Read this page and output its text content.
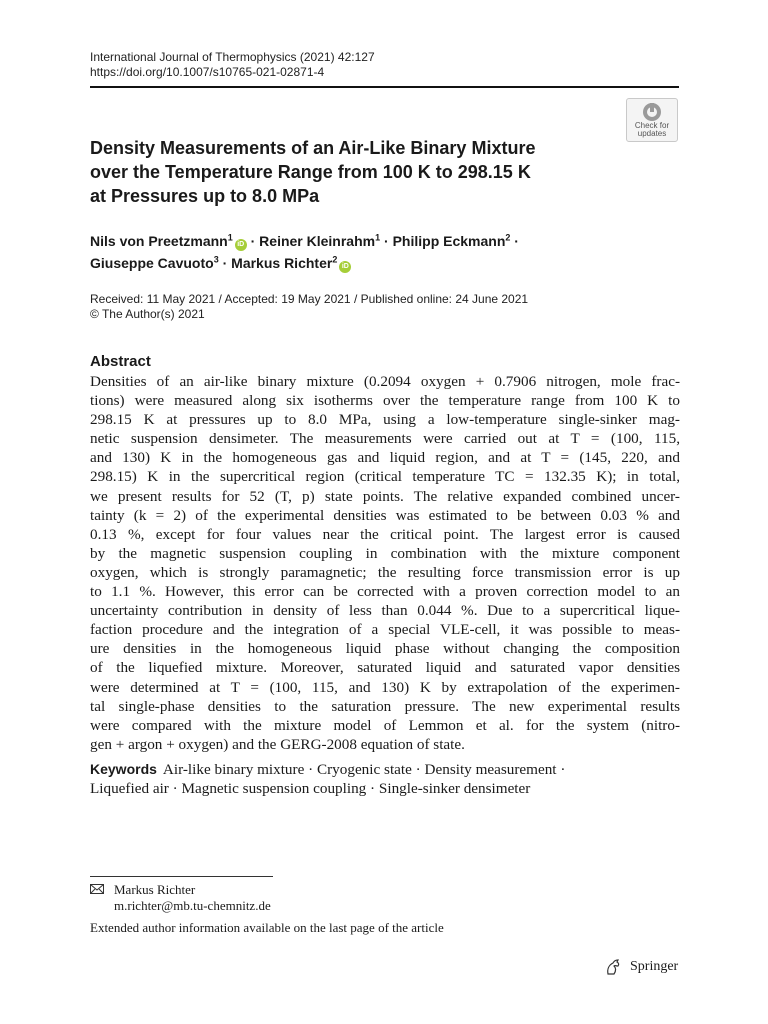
International Journal of Thermophysics (2021) 42:127
https://doi.org/10.1007/s10765-021-02871-4
Check for
updates
Density Measurements of an Air-Like Binary Mixture
over the Temperature Range from 100 K to 298.15 K
at Pressures up to 8.0 MPa
Nils von Preetzmann$^1$iD · Reiner Kleinrahm$^1$ · Philipp Eckmann$^2$ ·
Giuseppe Cavuoto$^3$ · Markus Richter$^2$iD
Received: 11 May 2021 / Accepted: 19 May 2021 / Published online: 24 June 2021
© The Author(s) 2021
Abstract
Densities of an air-like binary mixture (0.2094 oxygen + 0.7906 nitrogen, mole frac-
tions) were measured along six isotherms over the temperature range from 100 K to
298.15 K at pressures up to 8.0 MPa, using a low-temperature single-sinker mag-
netic suspension densimeter. The measurements were carried out at T = (100, 115,
and 130) K in the homogeneous gas and liquid region, and at T = (145, 220, and
298.15) K in the supercritical region (critical temperature TC = 132.35 K); in total,
we present results for 52 (T, p) state points. The relative expanded combined uncer-
tainty (k = 2) of the experimental densities was estimated to be between 0.03 % and
0.13 %, except for four values near the critical point. The largest error is caused
by the magnetic suspension coupling in combination with the mixture component
oxygen, which is strongly paramagnetic; the resulting force transmission error is up
to 1.1 %. However, this error can be corrected with a proven correction model to an
uncertainty contribution in density of less than 0.044 %. Due to a supercritical lique-
faction procedure and the integration of a special VLE-cell, it was possible to meas-
ure densities in the homogeneous liquid phase without changing the composition
of the liquefied mixture. Moreover, saturated liquid and saturated vapor densities
were determined at T = (100, 115, and 130) K by extrapolation of the experimen-
tal single-phase densities to the saturation pressure. The new experimental results
were compared with the mixture model of Lemmon et al. for the system (nitro-
gen + argon + oxygen) and the GERG-2008 equation of state.
Keywords Air-like binary mixture · Cryogenic state · Density measurement ·
Liquefied air · Magnetic suspension coupling · Single-sinker densimeter
Markus Richter
m.richter@mb.tu-chemnitz.de
Extended author information available on the last page of the article
Springer
